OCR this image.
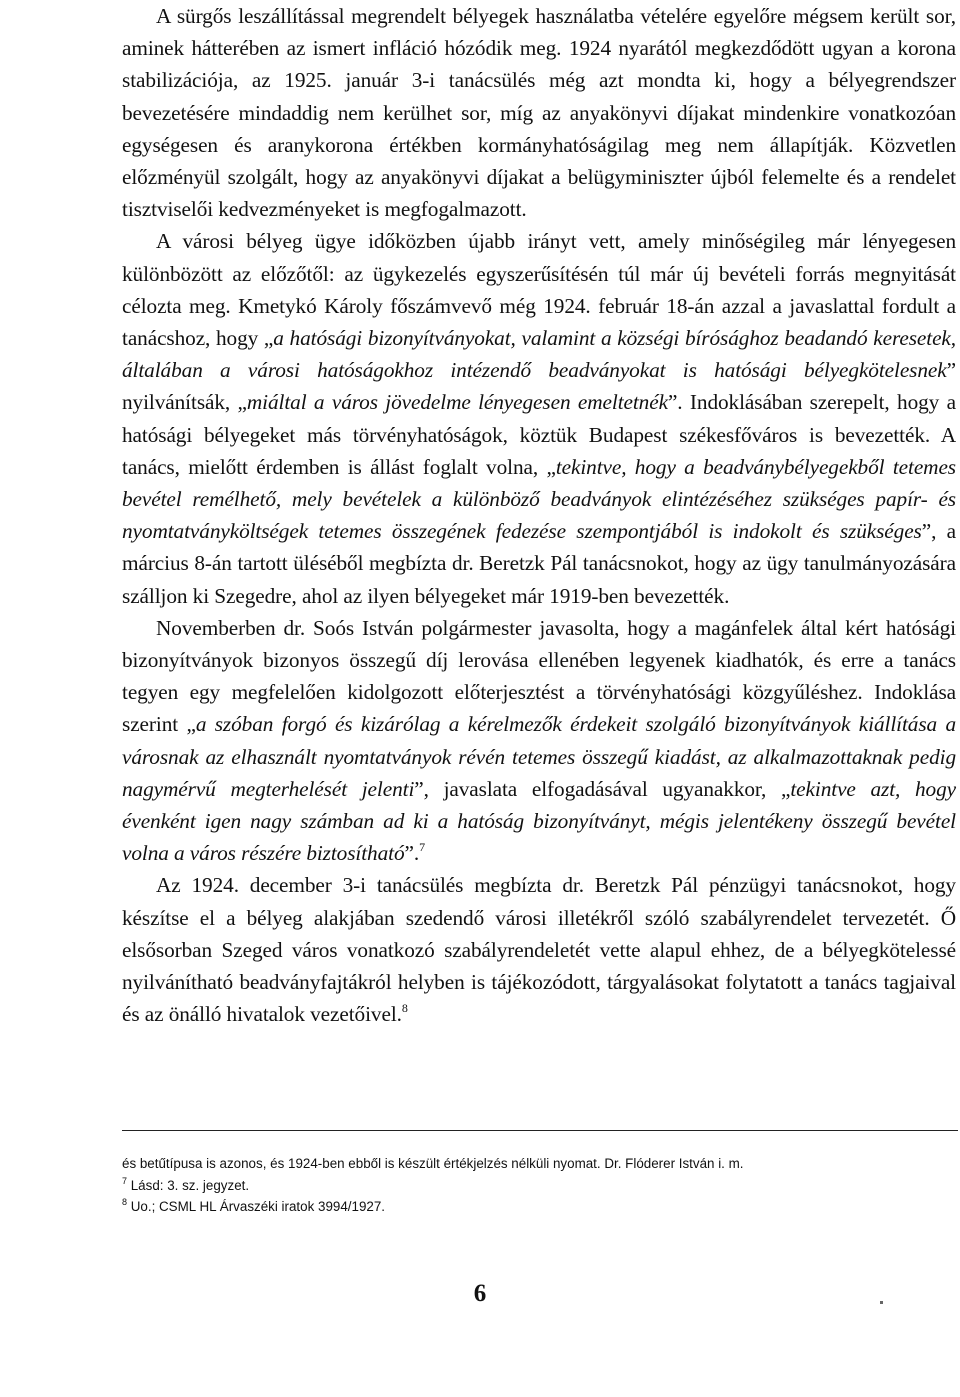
A sürgős leszállítással megrendelt bélyegek használatba vételére egyelőre mégsem került sor, aminek hátterében az ismert infláció hózódik meg. 1924 nyarától megkezdődött ugyan a korona stabilizációja, az 1925. január 3-i tanácsülés még azt mondta ki, hogy a bélyegrendszer bevezetésére mindaddig nem kerülhet sor, míg az anyakönyvi díjakat mindenkire vonatkozóan egységesen és aranykorona értékben kormányhatóságilag meg nem állapítják. Közvetlen előzményül szolgált, hogy az anyakönyvi díjakat a belügyminiszter újból felemelte és a rendelet tisztviselői kedvezményeket is megfogalmazott.

A városi bélyeg ügye időközben újabb irányt vett, amely minőségileg már lényegesen különbözött az előzőtől: az ügykezelés egyszerűsítésén túl már új bevételi forrás megnyitását célozta meg. Kmetykó Károly főszámvevő még 1924. február 18-án azzal a javaslattal fordult a tanácshoz, hogy „a hatósági bizonyítványokat, valamint a községi bírósághoz beadandó keresetek, általában a városi hatóságokhoz intézendő beadványokat is hatósági bélyegkötelesnek” nyilvánítsák, „miáltal a város jövedelme lényegesen emeltetnék”. Indoklásában szerepelt, hogy a hatósági bélyegeket más törvényhatóságok, köztük Budapest székesfőváros is bevezették. A tanács, mielőtt érdemben is állást foglalt volna, „tekintve, hogy a beadványbélyegekből tetemes bevétel remélhető, mely bevételek a különböző beadványok elintézéséhez szükséges papír- és nyomtatványköltségek tetemes összegének fedezése szempontjából is indokolt és szükséges”, a március 8-án tartott üléséből megbízta dr. Beretzk Pál tanácsnokot, hogy az ügy tanulmányozására szálljon ki Szegedre, ahol az ilyen bélyegeket már 1919-ben bevezették.

Novemberben dr. Soós István polgármester javasolta, hogy a magánfelek által kért hatósági bizonyítványok bizonyos összegű díj lerovása ellenében legyenek kiadhatók, és erre a tanács tegyen egy megfelelően kidolgozott előterjesztést a törvényhatósági közgyűléshez. Indoklása szerint „a szóban forgó és kizárólag a kérelmezők érdekeit szolgáló bizonyítványok kiállítása a városnak az elhasznált nyomtatványok révén tetemes összegű kiadást, az alkalmazottaknak pedig nagymérvű megterhelését jelenti”, javaslata elfogadásával ugyanakkor, „tekintve azt, hogy évenként igen nagy számban ad ki a hatóság bizonyítványt, mégis jelentékeny összegű bevétel volna a város részére biztosítható”.$^7$

Az 1924. december 3-i tanácsülés megbízta dr. Beretzk Pál pénzügyi tanácsnokot, hogy készítse el a bélyeg alakjában szedendő városi illetékről szóló szabályrendelet tervezetét. Ő elsősorban Szeged város vonatkozó szabályrendeletét vette alapul ehhez, de a bélyegkötelessé nyilvánítható beadványfajtákról helyben is tájékozódott, tárgyalásokat folytatott a tanács tagjaival és az önálló hivatalok vezetőivel.$^8$

és betűtípusa is azonos, és 1924-ben ebből is készült értékjelzés nélküli nyomat. Dr. Flóderer István i. m.
$^7$ Lásd: 3. sz. jegyzet.
$^8$ Uo.; CSML HL Árvaszéki iratok 3994/1927.
6
